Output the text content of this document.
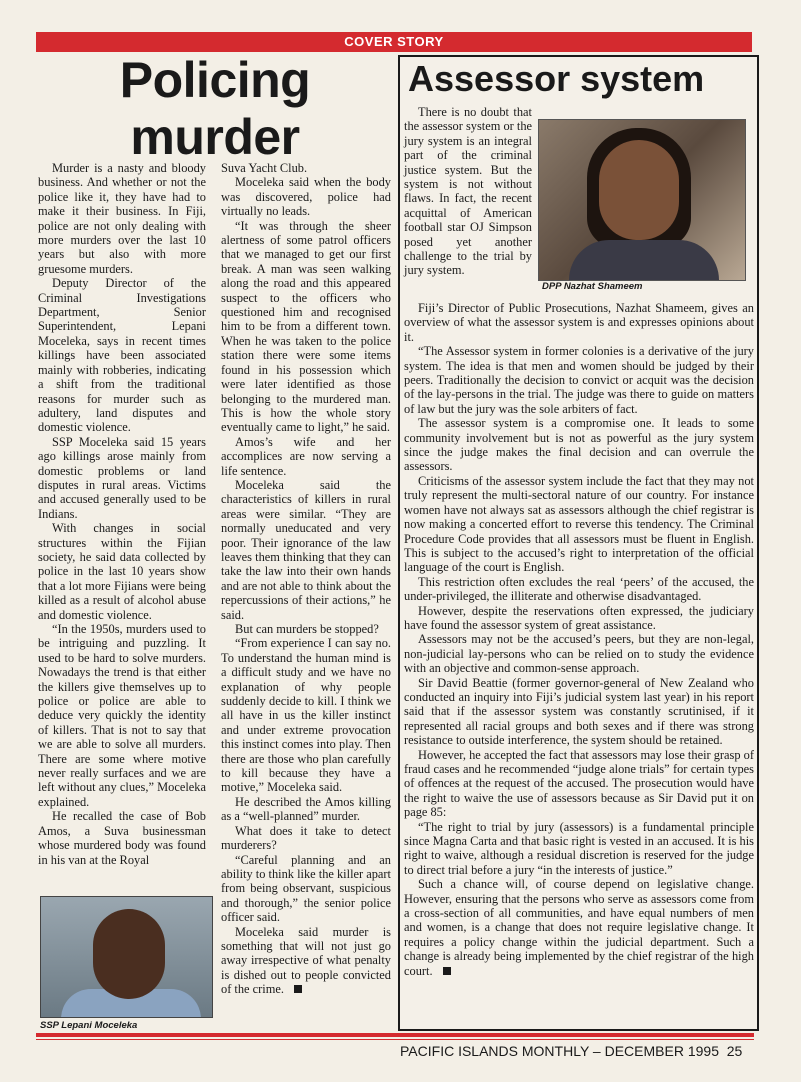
COVER STORY
Policing murder

Murder is a nasty and bloody business. And whether or not the police like it, they have had to make it their business. In Fiji, police are not only dealing with more murders over the last 10 years but also with more gruesome murders.

Deputy Director of the Criminal Investigations Department, Senior Superintendent, Lepani Moceleka, says in recent times killings have been associated mainly with robberies, indicating a shift from the traditional reasons for murder such as adultery, land disputes and domestic violence.

SSP Moceleka said 15 years ago killings arose mainly from domestic problems or land disputes in rural areas. Victims and accused generally used to be Indians.

With changes in social structures within the Fijian society, he said data collected by police in the last 10 years show that a lot more Fijians were being killed as a result of alcohol abuse and domestic violence.

“In the 1950s, murders used to be intriguing and puzzling. It used to be hard to solve murders. Nowadays the trend is that either the killers give themselves up to police or police are able to deduce very quickly the identity of killers. That is not to say that we are able to solve all murders. There are some where motive never really surfaces and we are left without any clues,” Moceleka explained.

He recalled the case of Bob Amos, a Suva businessman whose murdered body was found in his van at the Royal

SSP Lepani Moceleka

Suva Yacht Club.

Moceleka said when the body was discovered, police had virtually no leads.

“It was through the sheer alertness of some patrol officers that we managed to get our first break. A man was seen walking along the road and this appeared suspect to the officers who questioned him and recognised him to be from a different town. When he was taken to the police station there were some items found in his possession which were later identified as those belonging to the murdered man. This is how the whole story eventually came to light,” he said.

Amos’s wife and her accomplices are now serving a life sentence.

Moceleka said the characteristics of killers in rural areas were similar. “They are normally uneducated and very poor. Their ignorance of the law leaves them thinking that they can take the law into their own hands and are not able to think about the repercussions of their actions,” he said.

But can murders be stopped?

“From experience I can say no. To understand the human mind is a difficult study and we have no explanation of why people suddenly decide to kill. I think we all have in us the killer instinct and under extreme provocation this instinct comes into play. Then there are those who plan carefully to kill because they have a motive,” Moceleka said.

He described the Amos killing as a “well-planned” murder.

What does it take to detect murderers?

“Careful planning and an ability to think like the killer apart from being observant, suspicious and thorough,” the senior police officer said.

Moceleka said murder is something that will not just go away irrespective of what penalty is dished out to people convicted of the crime.

Assessor system

There is no doubt that the assessor system or the jury system is an integral part of the criminal justice system. But the system is not without flaws. In fact, the recent acquittal of American football star OJ Simpson posed yet another challenge to the trial by jury system.

DPP Nazhat Shameem

Fiji’s Director of Public Prosecutions, Nazhat Shameem, gives an overview of what the assessor system is and expresses opinions about it.

“The Assessor system in former colonies is a derivative of the jury system. The idea is that men and women should be judged by their peers. Traditionally the decision to convict or acquit was the decision of the lay-persons in the trial. The judge was there to guide on matters of law but the jury was the sole arbiters of fact.

The assessor system is a compromise one. It leads to some community involvement but is not as powerful as the jury system since the judge makes the final decision and can overrule the assessors.

Criticisms of the assessor system include the fact that they may not truly represent the multi-sectoral nature of our country. For instance women have not always sat as assessors although the chief registrar is now making a concerted effort to reverse this tendency. The Criminal Procedure Code provides that all assessors must be fluent in English. This is subject to the accused’s right to interpretation of the official language of the court is English.

This restriction often excludes the real ‘peers’ of the accused, the under-privileged, the illiterate and otherwise disadvantaged.

However, despite the reservations often expressed, the judiciary have found the assessor system of great assistance.

Assessors may not be the accused’s peers, but they are non-legal, non-judicial lay-persons who can be relied on to study the evidence with an objective and common-sense approach.

Sir David Beattie (former governor-general of New Zealand who conducted an inquiry into Fiji’s judicial system last year) in his report said that if the assessor system was constantly scrutinised, if it represented all racial groups and both sexes and if there was strong resistance to outside interference, the system should be retained.

However, he accepted the fact that assessors may lose their grasp of fraud cases and he recommended “judge alone trials” for certain types of offences at the request of the accused. The prosecution would have the right to waive the use of assessors because as Sir David put it on page 85:

“The right to trial by jury (assessors) is a fundamental principle since Magna Carta and that basic right is vested in an accused. It is his right to waive, although a residual discretion is reserved for the judge to direct trial before a jury “in the interests of justice.”

Such a chance will, of course depend on legislative change. However, ensuring that the persons who serve as assessors come from a cross-section of all communities, and have equal numbers of men and women, is a change that does not require legislative change. It requires a policy change within the judicial department. Such a change is already being implemented by the chief registrar of the high court.

PACIFIC ISLANDS MONTHLY – DECEMBER 1995 25
